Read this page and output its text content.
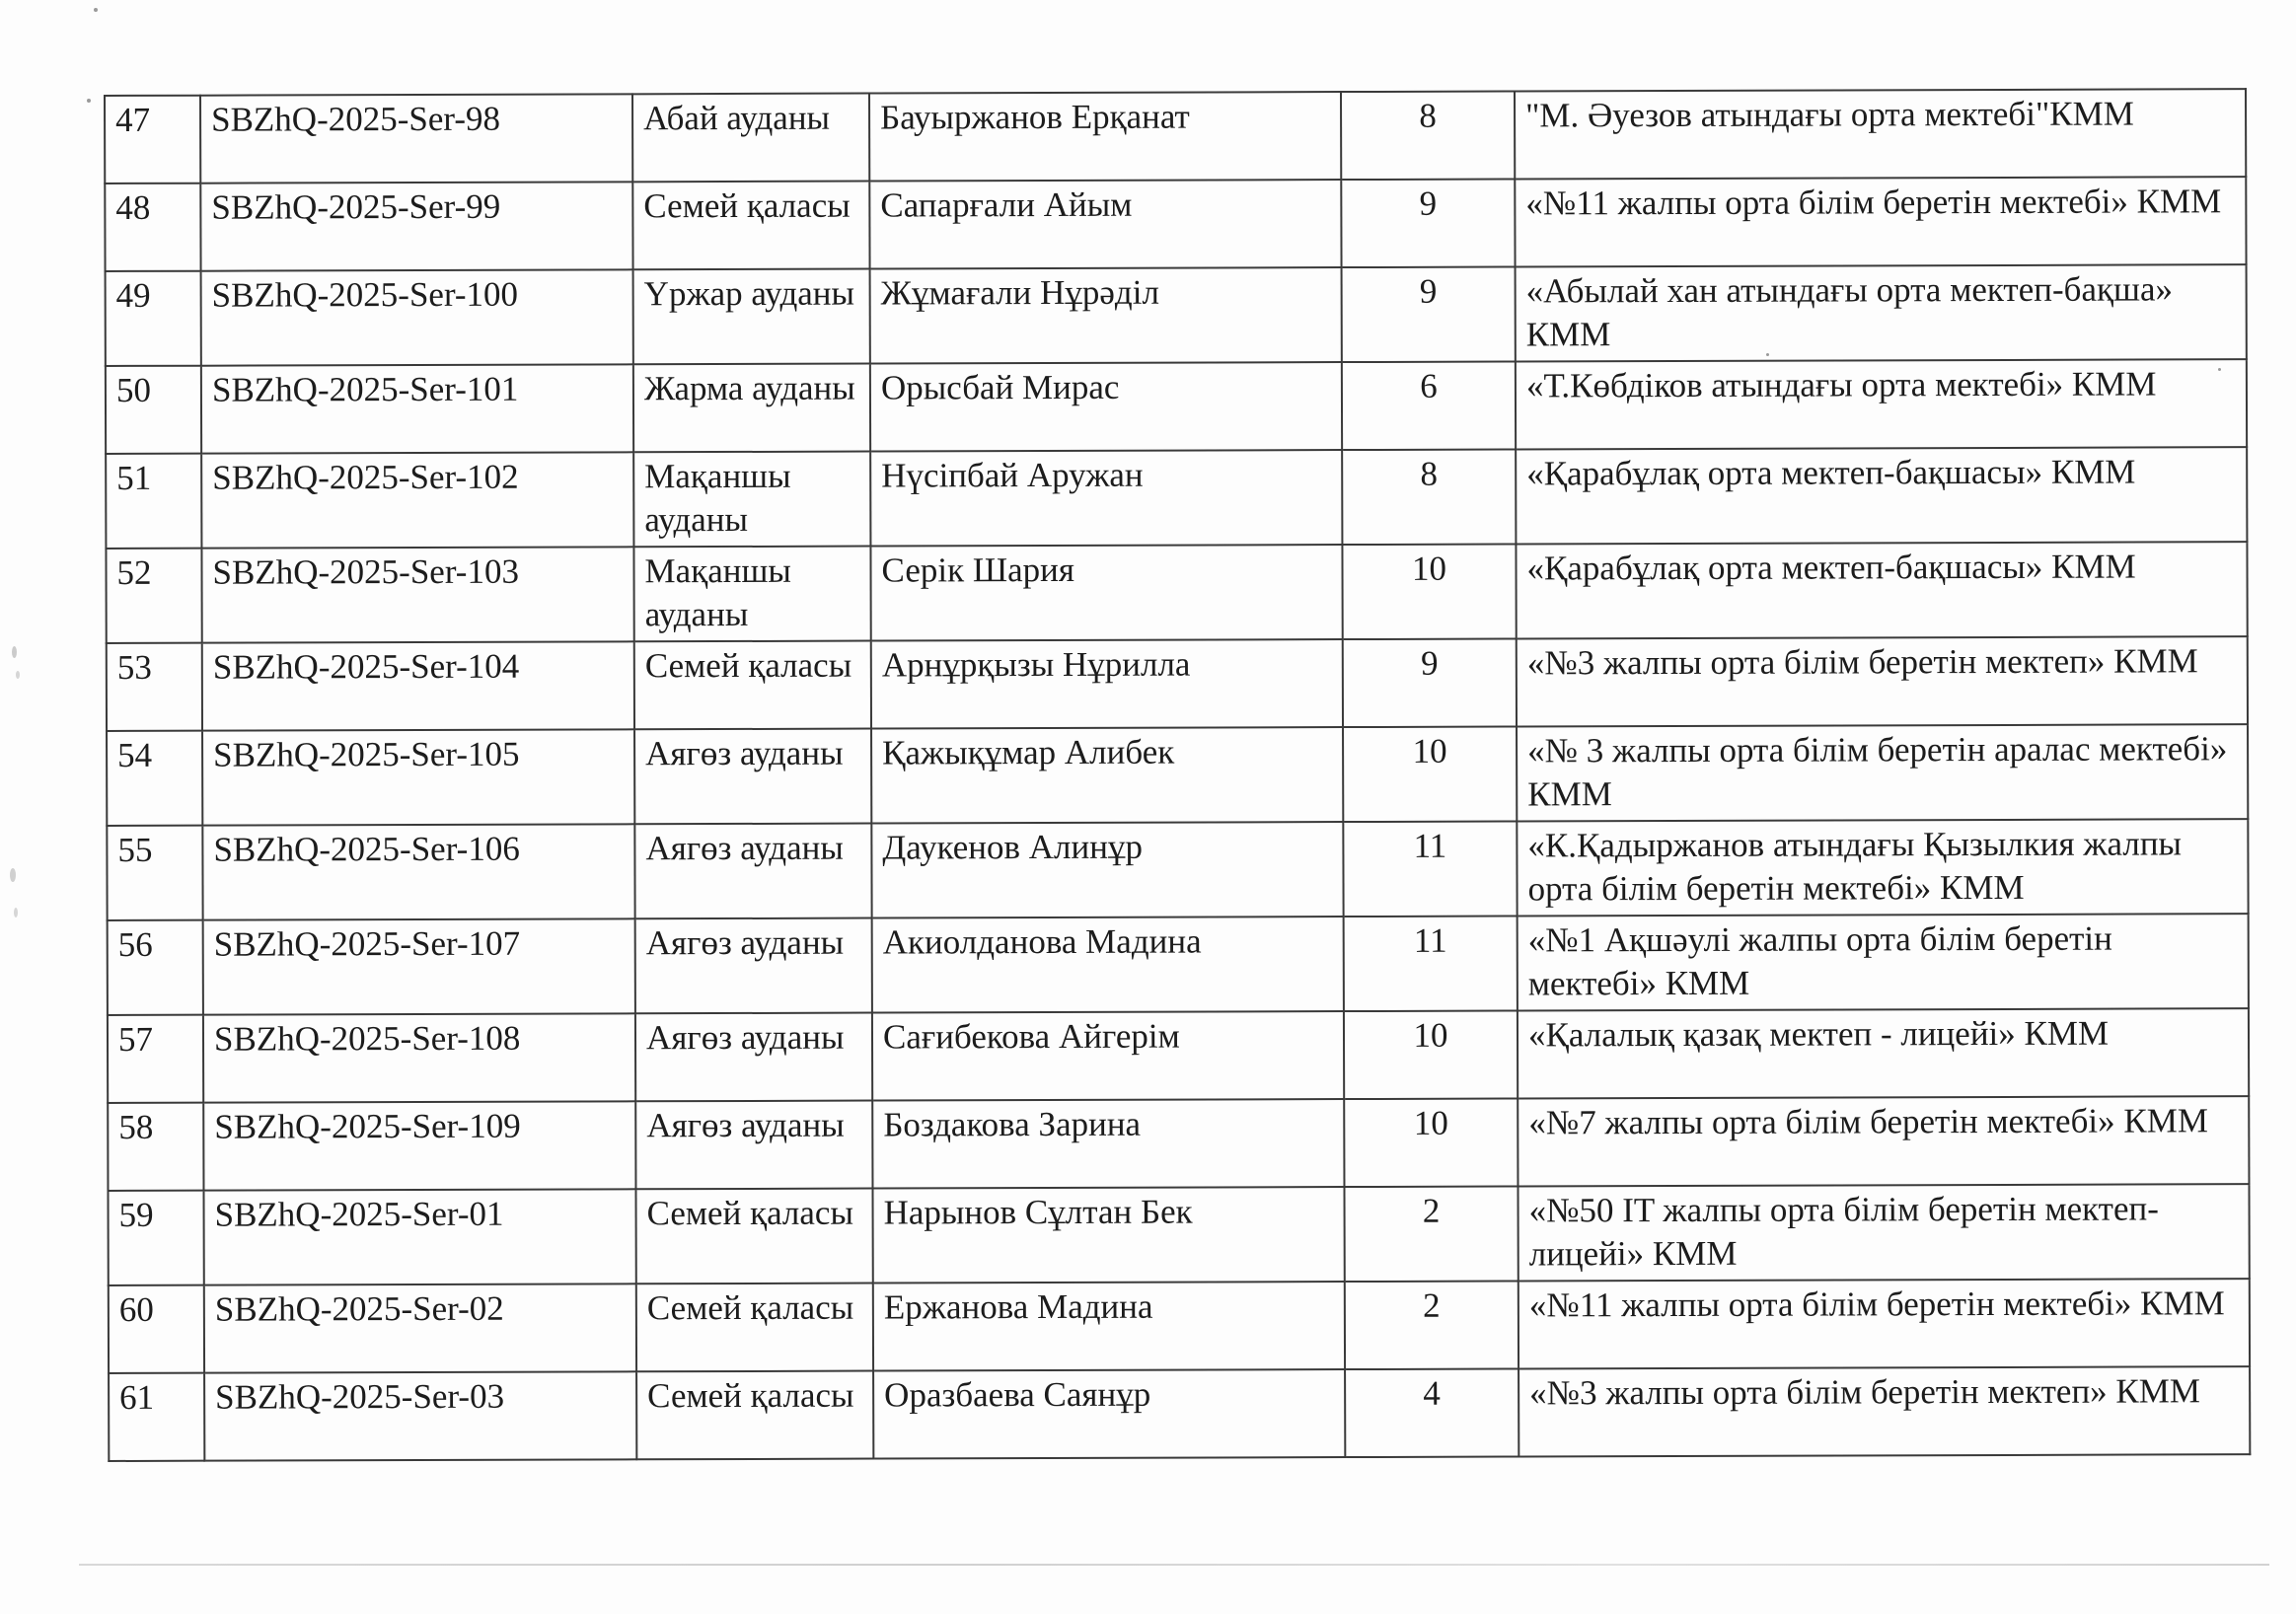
47	SBZhQ-2025-Ser-98	Абай ауданы	Бауыржанов Ерқанат	8	"М. Әуезов атындағы орта мектебі"КММ
48	SBZhQ-2025-Ser-99	Семей қаласы	Сапарғали Айым	9	«№11 жалпы орта білім беретін мектебі» КММ
49	SBZhQ-2025-Ser-100	Үржар ауданы	Жұмағали Нұрәділ	9	«Абылай хан атындағы орта мектеп-бақша» КММ
50	SBZhQ-2025-Ser-101	Жарма ауданы	Орысбай Мирас	6	«Т.Көбдіков атындағы орта мектебі» КММ
51	SBZhQ-2025-Ser-102	Мақаншы ауданы	Нүсіпбай Аружан	8	«Қарабұлақ орта мектеп-бақшасы» КММ
52	SBZhQ-2025-Ser-103	Мақаншы ауданы	Серік Шария	10	«Қарабұлақ орта мектеп-бақшасы» КММ
53	SBZhQ-2025-Ser-104	Семей қаласы	Арнұрқызы Нұрилла	9	«№3 жалпы орта білім беретін мектеп» КММ
54	SBZhQ-2025-Ser-105	Аягөз ауданы	Қажықұмар Алибек	10	«№ 3 жалпы орта білім беретін аралас мектебі» КММ
55	SBZhQ-2025-Ser-106	Аягөз ауданы	Даукенов Алинұр	11	«К.Қадыржанов атындағы Қызылкия жалпы орта білім беретін мектебі» КММ
56	SBZhQ-2025-Ser-107	Аягөз ауданы	Акиолданова Мадина	11	«№1 Ақшәулі жалпы орта білім беретін мектебі» КММ
57	SBZhQ-2025-Ser-108	Аягөз ауданы	Сағибекова Айгерім	10	«Қалалық қазақ мектеп - лицейі» КММ
58	SBZhQ-2025-Ser-109	Аягөз ауданы	Боздакова Зарина	10	«№7 жалпы орта білім беретін мектебі» КММ
59	SBZhQ-2025-Ser-01	Семей қаласы	Нарынов Сұлтан Бек	2	«№50 IT жалпы орта білім беретін мектеп-лицейі» КММ
60	SBZhQ-2025-Ser-02	Семей қаласы	Ержанова Мадина	2	«№11 жалпы орта білім беретін мектебі» КММ
61	SBZhQ-2025-Ser-03	Семей қаласы	Оразбаева Саянұр	4	«№3 жалпы орта білім беретін мектеп» КММ
